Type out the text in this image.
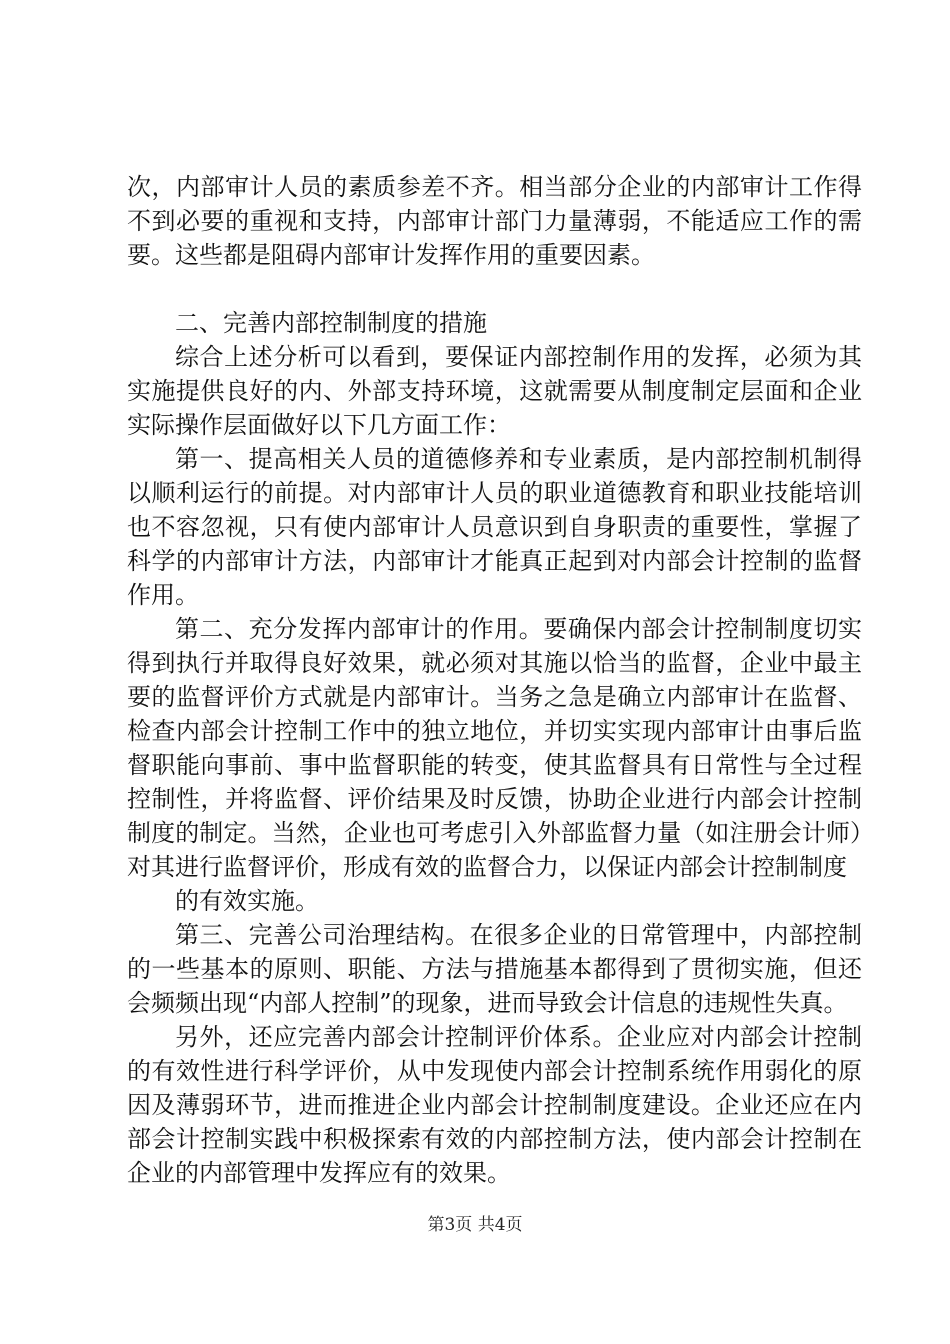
次，内部审计人员的素质参差不齐。相当部分企业的内部审计工作得不到必要的重视和支持，内部审计部门力量薄弱，不能适应工作的需要。这些都是阻碍内部审计发挥作用的重要因素。

二、完善内部控制制度的措施

综合上述分析可以看到，要保证内部控制作用的发挥，必须为其实施提供良好的内、外部支持环境，这就需要从制度制定层面和企业实际操作层面做好以下几方面工作：

第一、提高相关人员的道德修养和专业素质，是内部控制机制得以顺利运行的前提。对内部审计人员的职业道德教育和职业技能培训也不容忽视，只有使内部审计人员意识到自身职责的重要性，掌握了科学的内部审计方法，内部审计才能真正起到对内部会计控制的监督作用。

第二、充分发挥内部审计的作用。要确保内部会计控制制度切实得到执行并取得良好效果，就必须对其施以恰当的监督，企业中最主要的监督评价方式就是内部审计。当务之急是确立内部审计在监督、检查内部会计控制工作中的独立地位，并切实实现内部审计由事后监督职能向事前、事中监督职能的转变，使其监督具有日常性与全过程控制性，并将监督、评价结果及时反馈，协助企业进行内部会计控制制度的制定。当然，企业也可考虑引入外部监督力量（如注册会计师）对其进行监督评价，形成有效的监督合力，以保证内部会计控制制度

的有效实施。

第三、完善公司治理结构。在很多企业的日常管理中，内部控制的一些基本的原则、职能、方法与措施基本都得到了贯彻实施，但还会频频出现“内部人控制”的现象，进而导致会计信息的违规性失真。

另外，还应完善内部会计控制评价体系。企业应对内部会计控制的有效性进行科学评价，从中发现使内部会计控制系统作用弱化的原因及薄弱环节，进而推进企业内部会计控制制度建设。企业还应在内部会计控制实践中积极探索有效的内部控制方法，使内部会计控制在企业的内部管理中发挥应有的效果。

第3页 共4页
